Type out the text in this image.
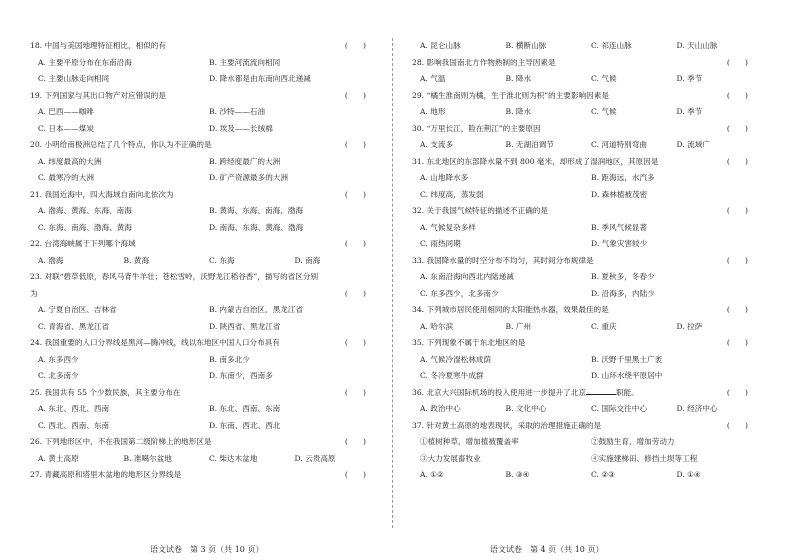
18. 中国与美国地理特征相比，相似的有	(　　)
A. 主要平原分布在东南沿海	B. 主要河流流向相同
C. 主要山脉走向相同	D. 降水都是由东南向西北递减
19. 下列国家与其出口物产对应错误的是	(　　)
A. 巴西——咖啡	B. 沙特——石油
C. 日本——煤炭	D. 埃及——长绒棉
20. 小明给南极洲总结了几个特点，你认为不正确的是	(　　)
A. 纬度最高的大洲	B. 跨经度最广的大洲
C. 最寒冷的大洲	D. 矿产资源最多的大洲
21. 我国近海中，四大海域自南向北依次为	(　　)
A. 渤海、黄海、东海、南海	B. 黄海、东海、南海、渤海
C. 东海、南海、渤海、黄海	D. 南海、东海、黄海、渤海
22. 台湾海峡属于下列哪个海域	(　　)
A. 渤海	B. 黄海	C. 东海	D. 南海
23. 对联“碧草低原，春风马背牛羊壮；苍松雪岭，沃野龙江稻谷香”，描写的省区分别
为	(　　)
A. 宁夏自治区、吉林省	B. 内蒙古自治区、黑龙江省
C. 青海省、黑龙江省	D. 陕西省、黑龙江省
24. 我国重要的人口分界线是黑河—腾冲线，线以东地区中国人口分布具有	(　　)
A. 东多西少	B. 南多北少
C. 北多南少	D. 东南少，西南多
25. 我国共有 55 个少数民族，其主要分布在	(　　)
A. 东北、西北、西南	B. 东北、西南、东南
C. 西北、西南、东南	D. 东南、西北、西北
26. 下列地形区中，不在我国第二级阶梯上的地形区是	(　　)
A. 黄土高原	B. 准噶尔盆地	C. 柴达木盆地	D. 云贵高原
27. 青藏高原和塔里木盆地的地形区分界线是	(　　)
A. 昆仑山脉	B. 横断山脉	C. 祁连山脉	D. 天山山脉
28. 影响我国南北方作物熟制的主导因素是	(　　)
A. 气温	B. 降水	C. 气候	D. 季节
29. “橘生淮南则为橘，生于淮北则为枳”的主要影响因素是	(　　)
A. 地形	B. 降水	C. 气候	D. 季节
30. “万里长江，险在荆江”的主要原因	(　　)
A. 支流多	B. 无湖泊调节	C. 河道特别弯曲	D. 流域广
31. 东北地区的东部降水量不到 800 毫米，却形成了湿润地区，其原因是	(　　)
A. 山地降水多	B. 距海远，水汽多
C. 纬度高，蒸发弱	D. 森林植被茂密
32. 关于我国气候特征的描述不正确的是	(　　)
A. 气候复杂多样	B. 季风气候显著
C. 雨热同期	D. 气象灾害较少
33. 我国降水量的时空分布不均匀，其时间分布规律是	(　　)
A. 东南沿海向西北内陆递减	B. 夏秋多，冬春少
C. 东多西少，北多南少	D. 沿海多，内陆少
34. 下列城市居民使用相同的太阳能热水器，效果最佳的是	(　　)
A. 哈尔滨	B. 广州	C. 重庆	D. 拉萨
35. 下列现象不属于东北地区的是	(　　)
A. 气候冷湿松林成荫	B. 沃野千里黑土广袤
C. 冬冷夏寒牛成群	D. 山环水绕平原居中
36. 北京大兴国际机场的投入使用进一步提升了北京	职能。	(　　)
A. 政治中心	B. 文化中心	C. 国际交往中心	D. 经济中心
37. 针对黄土高原的地表现状，采取的治理措施正确的是	(　　)
①植树种草，增加植被覆盖率	②鼓励生育，增加劳动力
③大力发展畜牧业	④实施建梯田、修挡土坝等工程
A. ①②	B. ③④	C. ②③	D. ①④
语文试卷　第 3 页（共 10 页）	语文试卷　第 4 页（共 10 页）
